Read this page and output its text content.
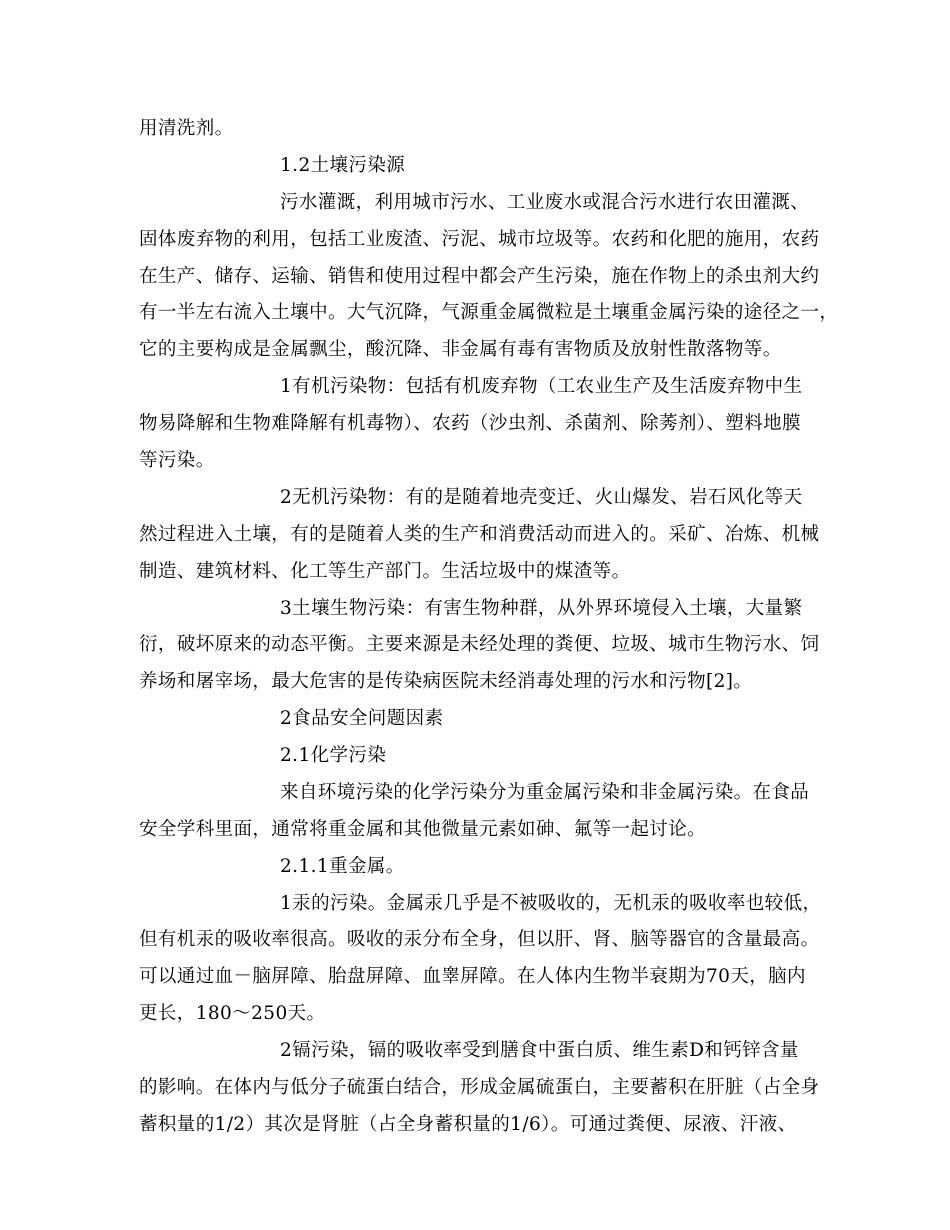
用清洗剂。
1.2土壤污染源
污水灌溉，利用城市污水、工业废水或混合污水进行农田灌溉、
固体废弃物的利用，包括工业废渣、污泥、城市垃圾等。农药和化肥的施用，农药
在生产、储存、运输、销售和使用过程中都会产生污染，施在作物上的杀虫剂大约
有一半左右流入土壤中。大气沉降，气源重金属微粒是土壤重金属污染的途径之一，
它的主要构成是金属飘尘，酸沉降、非金属有毒有害物质及放射性散落物等。
1有机污染物：包括有机废弃物（工农业生产及生活废弃物中生
物易降解和生物难降解有机毒物）、农药（沙虫剂、杀菌剂、除莠剂）、塑料地膜
等污染。
2无机污染物：有的是随着地壳变迁、火山爆发、岩石风化等天
然过程进入土壤，有的是随着人类的生产和消费活动而进入的。采矿、冶炼、机械
制造、建筑材料、化工等生产部门。生活垃圾中的煤渣等。
3土壤生物污染：有害生物种群，从外界环境侵入土壤，大量繁
衍，破坏原来的动态平衡。主要来源是未经处理的粪便、垃圾、城市生物污水、饲
养场和屠宰场，最大危害的是传染病医院未经消毒处理的污水和污物[2]。
2食品安全问题因素
2.1化学污染
来自环境污染的化学污染分为重金属污染和非金属污染。在食品
安全学科里面，通常将重金属和其他微量元素如砷、氟等一起讨论。
2.1.1重金属。
1汞的污染。金属汞几乎是不被吸收的，无机汞的吸收率也较低，
但有机汞的吸收率很高。吸收的汞分布全身，但以肝、肾、脑等器官的含量最高。
可以通过血－脑屏障、胎盘屏障、血睾屏障。在人体内生物半衰期为70天，脑内
更长，180～250天。
2镉污染，镉的吸收率受到膳食中蛋白质、维生素D和钙锌含量
的影响。在体内与低分子硫蛋白结合，形成金属硫蛋白，主要蓄积在肝脏（占全身
蓄积量的1/2）其次是肾脏（占全身蓄积量的1/6）。可通过粪便、尿液、汗液、
